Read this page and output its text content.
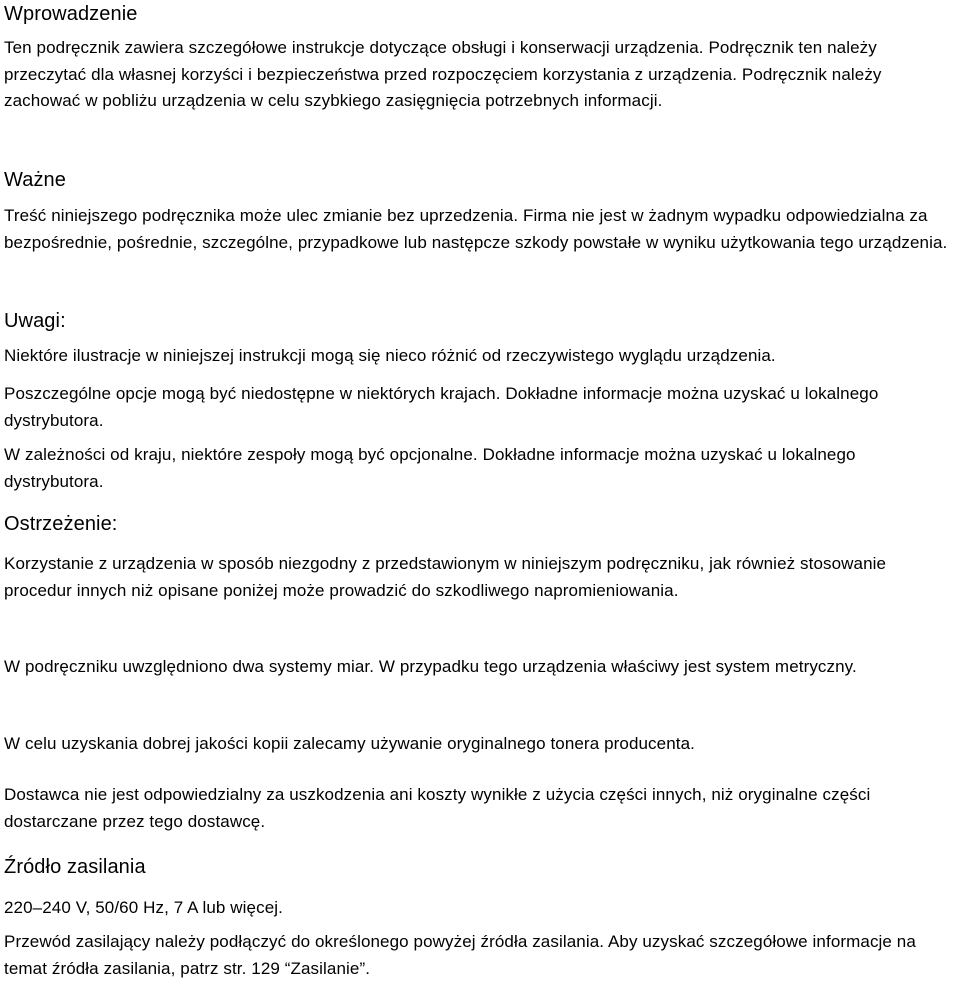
Wprowadzenie

Ten podręcznik zawiera szczegółowe instrukcje dotyczące obsługi i konserwacji urządzenia. Podręcznik ten należy przeczytać dla własnej korzyści i bezpieczeństwa przed rozpoczęciem korzystania z urządzenia. Podręcznik należy zachować w pobliżu urządzenia w celu szybkiego zasięgnięcia potrzebnych informacji.

Ważne

Treść niniejszego podręcznika może ulec zmianie bez uprzedzenia. Firma nie jest w żadnym wypadku odpowiedzialna za bezpośrednie, pośrednie, szczególne, przypadkowe lub następcze szkody powstałe w wyniku użytkowania tego urządzenia.

Uwagi:

Niektóre ilustracje w niniejszej instrukcji mogą się nieco różnić od rzeczywistego wyglądu urządzenia.

Poszczególne opcje mogą być niedostępne w niektórych krajach. Dokładne informacje można uzyskać u lokalnego dystrybutora.

W zależności od kraju, niektóre zespoły mogą być opcjonalne. Dokładne informacje można uzyskać u lokalnego dystrybutora.

Ostrzeżenie:

Korzystanie z urządzenia w sposób niezgodny z przedstawionym w niniejszym podręczniku, jak również stosowanie procedur innych niż opisane poniżej może prowadzić do szkodliwego napromieniowania.

W podręczniku uwzględniono dwa systemy miar. W przypadku tego urządzenia właściwy jest system metryczny.

W celu uzyskania dobrej jakości kopii zalecamy używanie oryginalnego tonera producenta.

Dostawca nie jest odpowiedzialny za uszkodzenia ani koszty wynikłe z użycia części innych, niż oryginalne części dostarczane przez tego dostawcę.

Źródło zasilania

220–240 V, 50/60 Hz, 7 A lub więcej.

Przewód zasilający należy podłączyć do określonego powyżej źródła zasilania. Aby uzyskać szczegółowe informacje na temat źródła zasilania, patrz str. 129 “Zasilanie”.
